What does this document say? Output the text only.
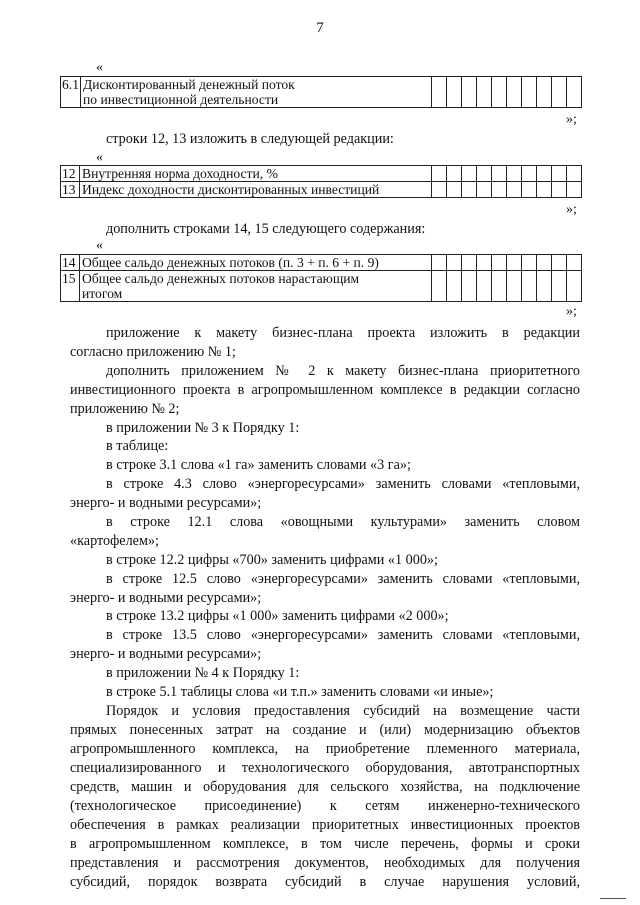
7
«
6.1	Дисконтированный денежный поток										
по инвестиционной деятельности
»;
строки 12, 13 изложить в следующей редакции:
«
12	Внутренняя норма доходности, %										
13	Индекс доходности дисконтированных инвестиций										
»;
дополнить строками 14, 15 следующего содержания:
«
14	Общее сальдо денежных потоков (п. 3 + п. 6 + п. 9)										
15	Общее сальдо денежных потоков нарастающим
итогом										
»;
приложение к макету бизнес-плана проекта изложить в редакции
согласно приложению № 1;
дополнить приложением № 2 к макету бизнес-плана приоритетного
инвестиционного проекта в агропромышленном комплексе в редакции согласно
приложению № 2;
в приложении № 3 к Порядку 1:
в таблице:
в строке 3.1 слова «1 га» заменить словами «3 га»;
в строке 4.3 слово «энергоресурсами» заменить словами «тепловыми,
энерго- и водными ресурсами»;
в строке 12.1 слова «овощными культурами» заменить словом
«картофелем»;
в строке 12.2 цифры «700» заменить цифрами «1 000»;
в строке 12.5 слово «энергоресурсами» заменить словами «тепловыми,
энерго- и водными ресурсами»;
в строке 13.2 цифры «1 000» заменить цифрами «2 000»;
в строке 13.5 слово «энергоресурсами» заменить словами «тепловыми,
энерго- и водными ресурсами»;
в приложении № 4 к Порядку 1:
в строке 5.1 таблицы слова «и т.п.» заменить словами «и иные»;
Порядок и условия предоставления субсидий на возмещение части
прямых понесенных затрат на создание и (или) модернизацию объектов
агропромышленного комплекса, на приобретение племенного материала,
специализированного и технологического оборудования, автотранспортных
средств, машин и оборудования для сельского хозяйства, на подключение
(технологическое присоединение) к сетям инженерно-технического
обеспечения в рамках реализации приоритетных инвестиционных проектов
в агропромышленном комплексе, в том числе перечень, формы и сроки
представления и рассмотрения документов, необходимых для получения
субсидий, порядок возврата субсидий в случае нарушения условий,
